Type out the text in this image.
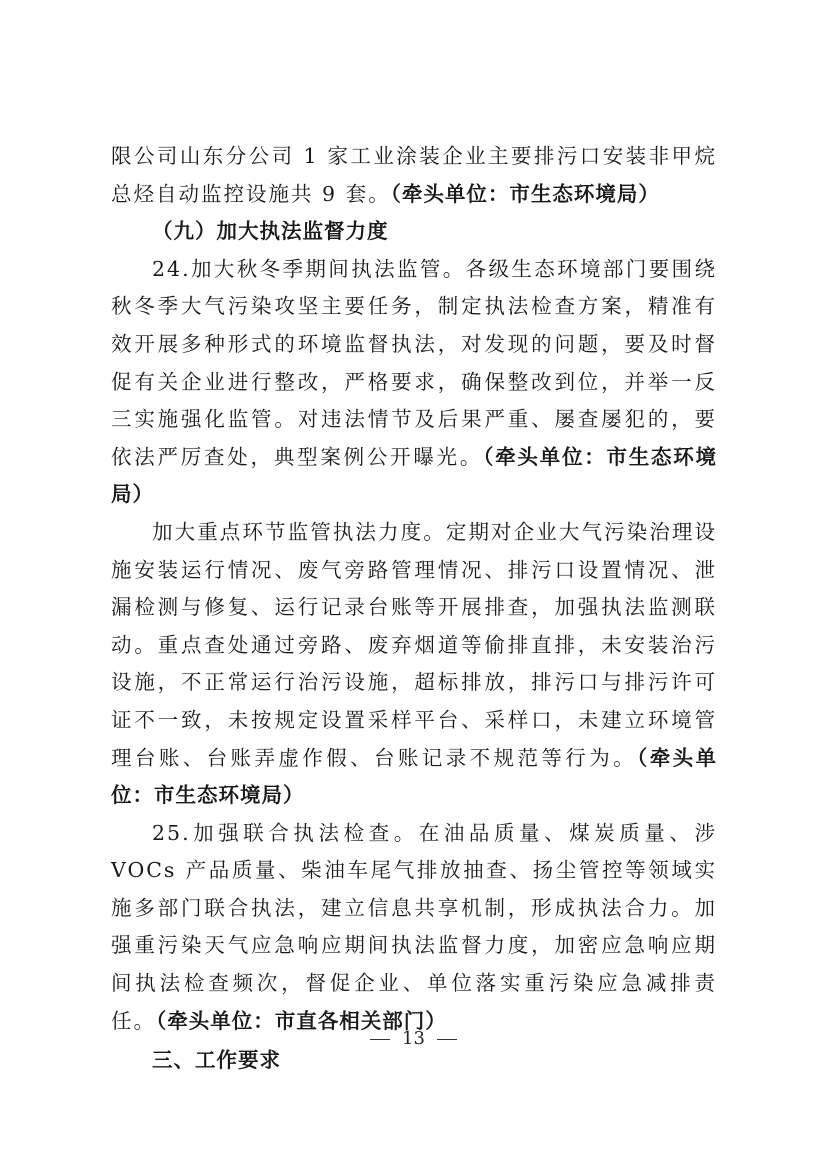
限公司山东分公司 1 家工业涂装企业主要排污口安装非甲烷总烃自动监控设施共 9 套。（牵头单位：市生态环境局）

（九）加大执法监督力度

24.加大秋冬季期间执法监管。各级生态环境部门要围绕秋冬季大气污染攻坚主要任务，制定执法检查方案，精准有效开展多种形式的环境监督执法，对发现的问题，要及时督促有关企业进行整改，严格要求，确保整改到位，并举一反三实施强化监管。对违法情节及后果严重、屡查屡犯的，要依法严厉查处，典型案例公开曝光。（牵头单位：市生态环境局）

加大重点环节监管执法力度。定期对企业大气污染治理设施安装运行情况、废气旁路管理情况、排污口设置情况、泄漏检测与修复、运行记录台账等开展排查，加强执法监测联动。重点查处通过旁路、废弃烟道等偷排直排，未安装治污设施，不正常运行治污设施，超标排放，排污口与排污许可证不一致，未按规定设置采样平台、采样口，未建立环境管理台账、台账弄虚作假、台账记录不规范等行为。（牵头单位：市生态环境局）

25.加强联合执法检查。在油品质量、煤炭质量、涉 VOCs 产品质量、柴油车尾气排放抽查、扬尘管控等领域实施多部门联合执法，建立信息共享机制，形成执法合力。加强重污染天气应急响应期间执法监督力度，加密应急响应期间执法检查频次，督促企业、单位落实重污染应急减排责任。（牵头单位：市直各相关部门）

三、工作要求

13
